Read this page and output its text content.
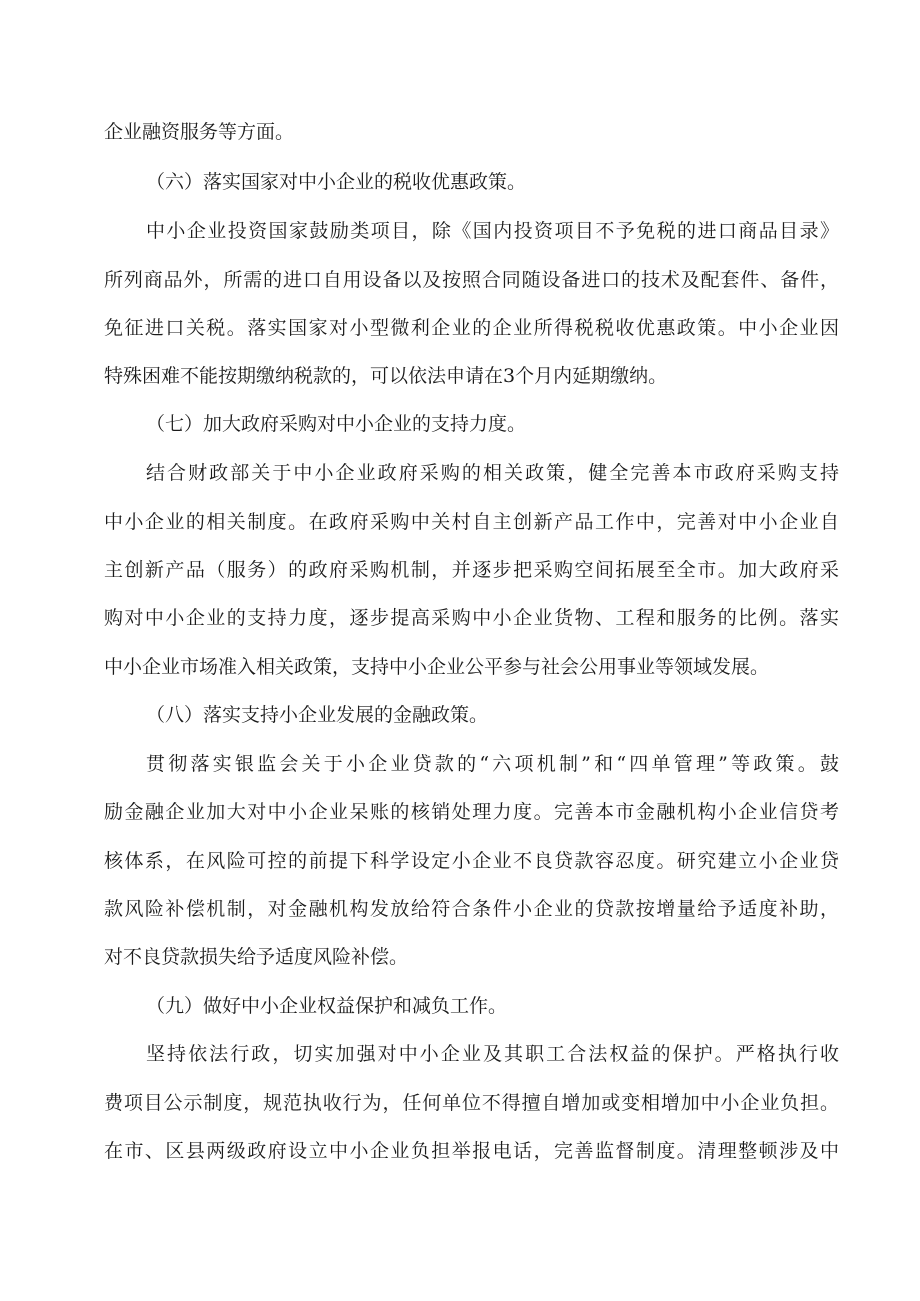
企业融资服务等方面。
（六）落实国家对中小企业的税收优惠政策。
中小企业投资国家鼓励类项目，除《国内投资项目不予免税的进口商品目录》
所列商品外，所需的进口自用设备以及按照合同随设备进口的技术及配套件、备件，
免征进口关税。落实国家对小型微利企业的企业所得税税收优惠政策。中小企业因
特殊困难不能按期缴纳税款的，可以依法申请在3个月内延期缴纳。
（七）加大政府采购对中小企业的支持力度。
结合财政部关于中小企业政府采购的相关政策，健全完善本市政府采购支持
中小企业的相关制度。在政府采购中关村自主创新产品工作中，完善对中小企业自
主创新产品（服务）的政府采购机制，并逐步把采购空间拓展至全市。加大政府采
购对中小企业的支持力度，逐步提高采购中小企业货物、工程和服务的比例。落实
中小企业市场准入相关政策，支持中小企业公平参与社会公用事业等领域发展。
（八）落实支持小企业发展的金融政策。
贯彻落实银监会关于小企业贷款的“六项机制”和“四单管理”等政策。鼓
励金融企业加大对中小企业呆账的核销处理力度。完善本市金融机构小企业信贷考
核体系，在风险可控的前提下科学设定小企业不良贷款容忍度。研究建立小企业贷
款风险补偿机制，对金融机构发放给符合条件小企业的贷款按增量给予适度补助，
对不良贷款损失给予适度风险补偿。
（九）做好中小企业权益保护和减负工作。
坚持依法行政，切实加强对中小企业及其职工合法权益的保护。严格执行收
费项目公示制度，规范执收行为，任何单位不得擅自增加或变相增加中小企业负担。
在市、区县两级政府设立中小企业负担举报电话，完善监督制度。清理整顿涉及中
